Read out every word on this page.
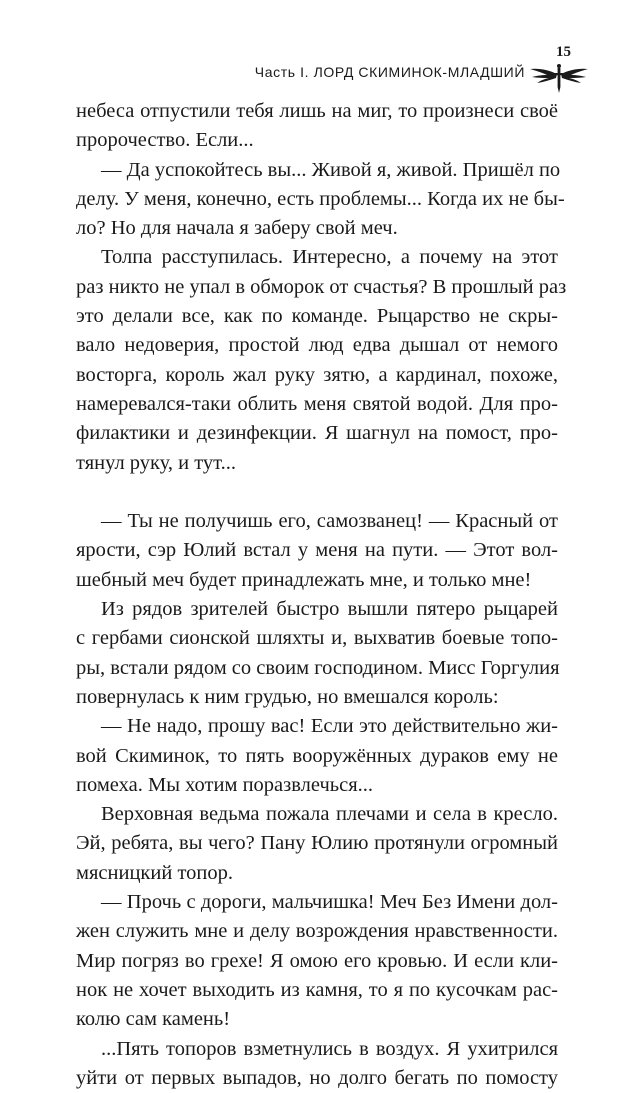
Часть I. ЛОРД СКИМИНОК-МЛАДШИЙ
15
небеса отпустили тебя лишь на миг, то произнеси своё
пророчество. Если...
— Да успокойтесь вы... Живой я, живой. Пришёл по
делу. У меня, конечно, есть проблемы... Когда их не бы-
ло? Но для начала я заберу свой меч.
Толпа расступилась. Интересно, а почему на этот
раз никто не упал в обморок от счастья? В прошлый раз
это делали все, как по команде. Рыцарство не скры-
вало недоверия, простой люд едва дышал от немого
восторга, король жал руку зятю, а кардинал, похоже,
намеревался-таки облить меня святой водой. Для про-
филактики и дезинфекции. Я шагнул на помост, про-
тянул руку, и тут...
— Ты не получишь его, самозванец! — Красный от
ярости, сэр Юлий встал у меня на пути. — Этот вол-
шебный меч будет принадлежать мне, и только мне!
Из рядов зрителей быстро вышли пятеро рыцарей
с гербами сионской шляхты и, выхватив боевые топо-
ры, встали рядом со своим господином. Мисс Горгулия
повернулась к ним грудью, но вмешался король:
— Не надо, прошу вас! Если это действительно жи-
вой Скиминок, то пять вооружённых дураков ему не
помеха. Мы хотим поразвлечься...
Верховная ведьма пожала плечами и села в кресло.
Эй, ребята, вы чего? Пану Юлию протянули огромный
мясницкий топор.
— Прочь с дороги, мальчишка! Меч Без Имени дол-
жен служить мне и делу возрождения нравственности.
Мир погряз во грехе! Я омою его кровью. И если кли-
нок не хочет выходить из камня, то я по кусочкам рас-
колю сам камень!
...Пять топоров взметнулись в воздух. Я ухитрился
уйти от первых выпадов, но долго бегать по помосту
